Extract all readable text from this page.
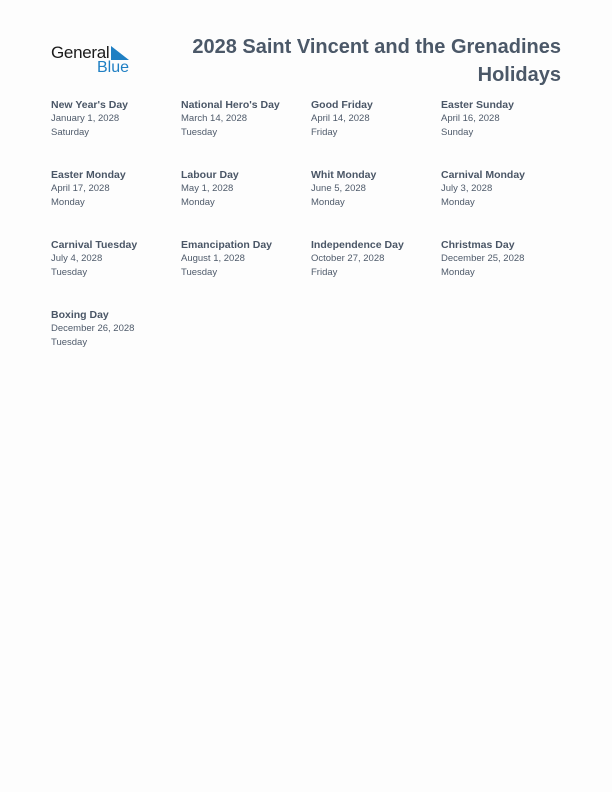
General
Blue
2028 Saint Vincent and the Grenadines Holidays
New Year's Day
January 1, 2028
Saturday
National Hero's Day
March 14, 2028
Tuesday
Good Friday
April 14, 2028
Friday
Easter Sunday
April 16, 2028
Sunday
Easter Monday
April 17, 2028
Monday
Labour Day
May 1, 2028
Monday
Whit Monday
June 5, 2028
Monday
Carnival Monday
July 3, 2028
Monday
Carnival Tuesday
July 4, 2028
Tuesday
Emancipation Day
August 1, 2028
Tuesday
Independence Day
October 27, 2028
Friday
Christmas Day
December 25, 2028
Monday
Boxing Day
December 26, 2028
Tuesday
